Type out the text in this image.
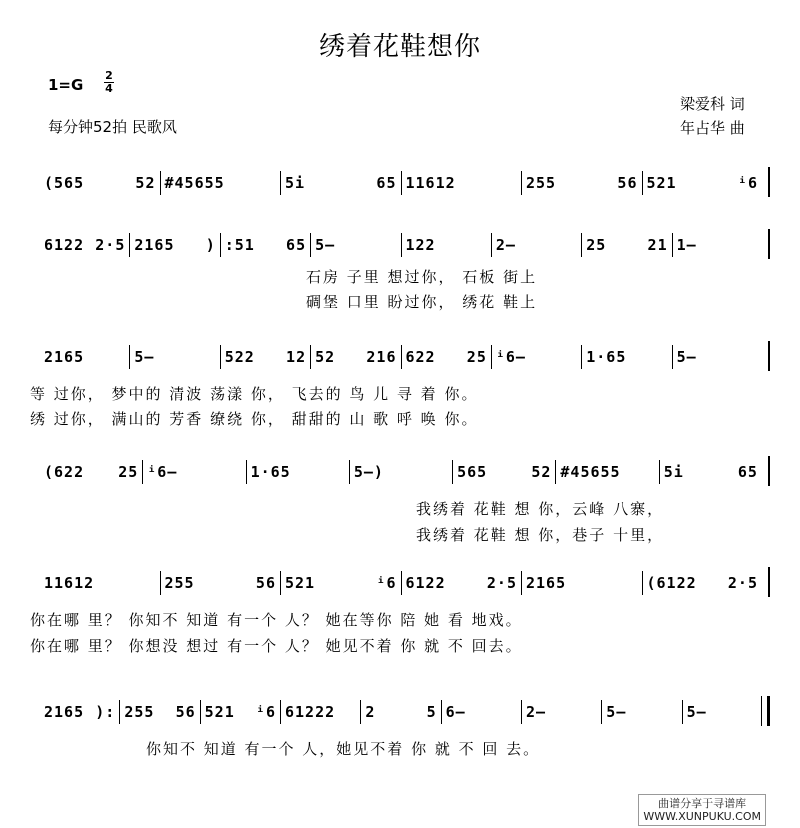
绣着花鞋想你
1=G
2
4
每分钟52拍 民歌风
梁爱科 词
年占华 曲
(565 52 #45655	5i 65 11612	255 56 521 ⁱ6
6122 2·5 2165 ) :51 65 5—	122	2—	25 21 1—
石房 子里 想过你， 石板 街上
碉堡 口里 盼过你， 绣花 鞋上
2165	5—	522 12 52 216 622 25 ⁱ6—	1·65	5—
等 过你， 梦中的 清波 荡漾 你， 飞去的 鸟 儿 寻 着 你。
绣 过你， 满山的 芳香 缭绕 你， 甜甜的 山 歌 呼 唤 你。
(622 25 ⁱ6—	1·65	5—)	565 52 #45655	5i 65
我绣着 花鞋 想 你，云峰 八寨，
我绣着 花鞋 想 你，巷子 十里，
11612	255 56 521 ⁱ6 6122 2·5 2165	(6122 2·5
你在哪 里？ 你知不 知道 有一个 人？ 她在等你 陪 她 看 地戏。
你在哪 里？ 你想没 想过 有一个 人？ 她见不着 你 就 不 回去。
2165 ): 255 56 521 ⁱ6 61222	2 5 6—	2—	5—	5—
你知不 知道 有一个 人，她见不着 你 就 不 回 去。
曲谱分享于寻谱库
WWW.XUNPUKU.COM
